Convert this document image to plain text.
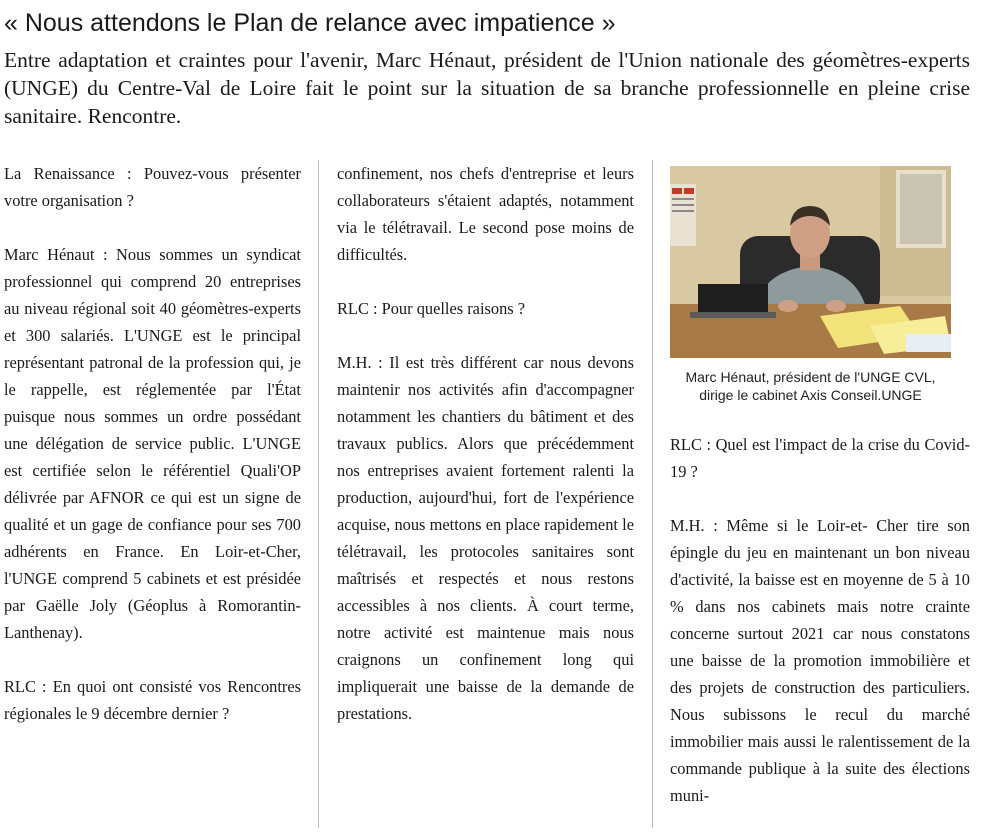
« Nous attendons le Plan de relance avec impatience »

Entre adaptation et craintes pour l'avenir, Marc Hénaut, président de l'Union nationale des géomètres-experts (UNGE) du Centre-Val de Loire fait le point sur la situation de sa branche professionnelle en pleine crise sanitaire. Rencontre.

La Renaissance : Pouvez-vous présenter votre organisation ?

Marc Hénaut : Nous sommes un syndicat professionnel qui comprend 20 entreprises au niveau régional soit 40 géomètres-experts et 300 salariés. L'UNGE est le principal représentant patronal de la profession qui, je le rappelle, est réglementée par l'État puisque nous sommes un ordre possédant une délégation de service public. L'UNGE est certifiée selon le référentiel Quali'OP délivrée par AFNOR ce qui est un signe de qualité et un gage de confiance pour ses 700 adhérents en France. En Loir-et-Cher, l'UNGE comprend 5 cabinets et est présidée par Gaëlle Joly (Géoplus à Romorantin-Lanthenay).

RLC : En quoi ont consisté vos Rencontres régionales le 9 décembre dernier ?

confinement, nos chefs d'entreprise et leurs collaborateurs s'étaient adaptés, notamment via le télétravail. Le second pose moins de difficultés.

RLC : Pour quelles raisons ?

M.H. : Il est très différent car nous devons maintenir nos activités afin d'accompagner notamment les chantiers du bâtiment et des travaux publics. Alors que précédemment nos entreprises avaient fortement ralenti la production, aujourd'hui, fort de l'expérience acquise, nous mettons en place rapidement le télétravail, les protocoles sanitaires sont maîtrisés et respectés et nous restons accessibles à nos clients. À court terme, notre activité est maintenue mais nous craignons un confinement long qui impliquerait une baisse de la demande de prestations.

Marc Hénaut, président de l'UNGE CVL, dirige le cabinet Axis Conseil.UNGE

RLC : Quel est l'impact de la crise du Covid-19 ?

M.H. : Même si le Loir-et- Cher tire son épingle du jeu en maintenant un bon niveau d'activité, la baisse est en moyenne de 5 à 10 % dans nos cabinets mais notre crainte concerne surtout 2021 car nous constatons une baisse de la promotion immobilière et des projets de construction des particuliers. Nous subissons le recul du marché immobilier mais aussi le ralentissement de la commande publique à la suite des élections muni-
